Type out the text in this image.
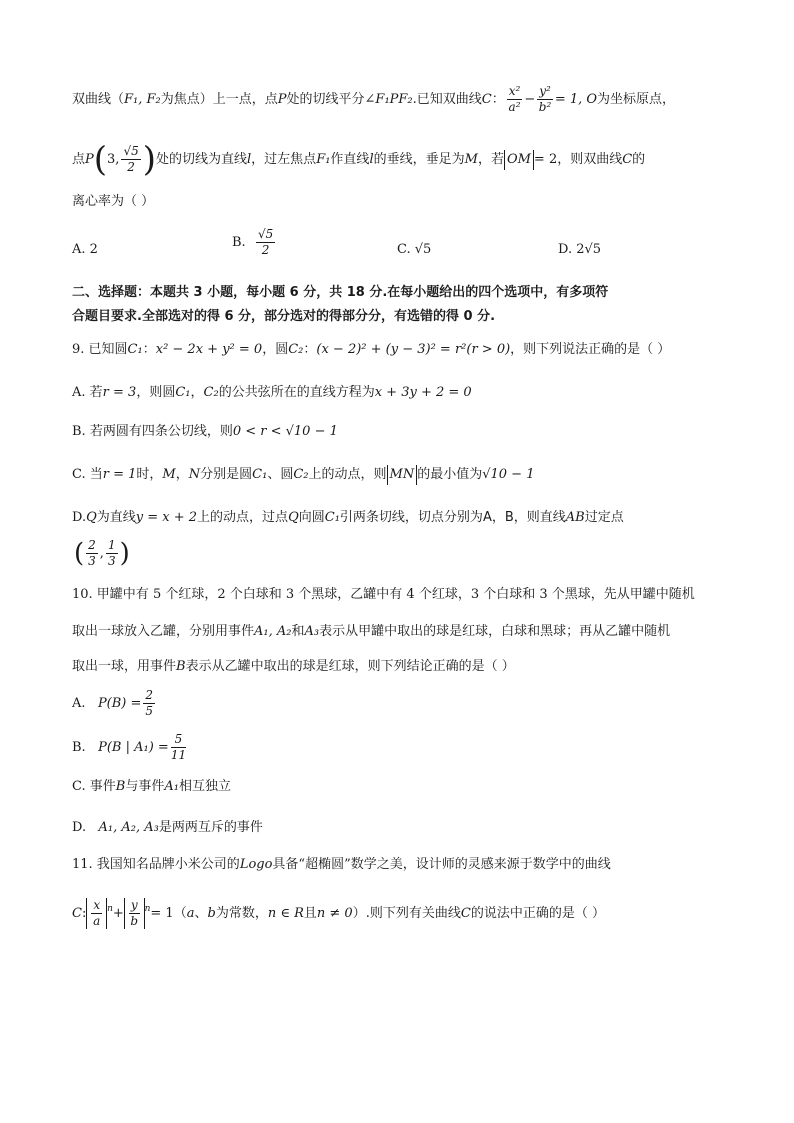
双曲线（F₁, F₂为焦点）上一点，点P处的切线平分∠F₁PF₂.已知双曲线C： $\frac{\text{x²}}{\text{a²}} - \frac{\text{y²}}{\text{b²}} = 1$, O为坐标原点，
点P(3, $\frac{√5}{2}$ )处的切线为直线l，过左焦点F₁作直线l的垂线，垂足为M，若 OM = 2，则双曲线C的
离心率为（ ）
A. 2	B. $\frac{√5}{2}$	C. √5	D. 2√5
二、选择题：本题共 3 小题，每小题 6 分，共 18 分.在每小题给出的四个选项中，有多项符
合题目要求.全部选对的得 6 分，部分选对的得部分分，有选错的得 0 分.
9. 已知圆C₁：x² − 2x + y² = 0，圆C₂：(x − 2)² + (y − 3)² = r²(r > 0)，则下列说法正确的是（ ）
A. 若r = 3，则圆C₁，C₂的公共弦所在的直线方程为x + 3y + 2 = 0
B. 若两圆有四条公切线，则0 < r < √10 − 1
C. 当r = 1时，M，N分别是圆C₁、圆C₂上的动点，则 MN 的最小值为√10 − 1
D.Q为直线y = x + 2上的动点，过点Q向圆C₁引两条切线，切点分别为A，B，则直线AB过定点
( $\frac{2}{3}$ , $\frac{1}{3}$ )
10. 甲罐中有 5 个红球，2 个白球和 3 个黑球，乙罐中有 4 个红球，3 个白球和 3 个黑球，先从甲罐中随机
取出一球放入乙罐，分别用事件A₁, A₂和A₃表示从甲罐中取出的球是红球，白球和黑球；再从乙罐中随机
取出一球，用事件B表示从乙罐中取出的球是红球，则下列结论正确的是（ ）
A. $P(B) = \frac{2}{5}$
B. P(B | $A_1) = \frac{5}{11}$
C. 事件B与事件A₁相互独立
D. A₁, A₂, A₃是两两互斥的事件
11. 我国知名品牌小米公司的Logo具备“超椭圆”数学之美，设计师的灵感来源于数学中的曲线
C: $\frac{x}{a} ^n+ \frac{y}{b} ^n= 1(a$、b为常数，n ∈ R且n ≠ 0）.则下列有关曲线C的说法中正确的是（ ）
